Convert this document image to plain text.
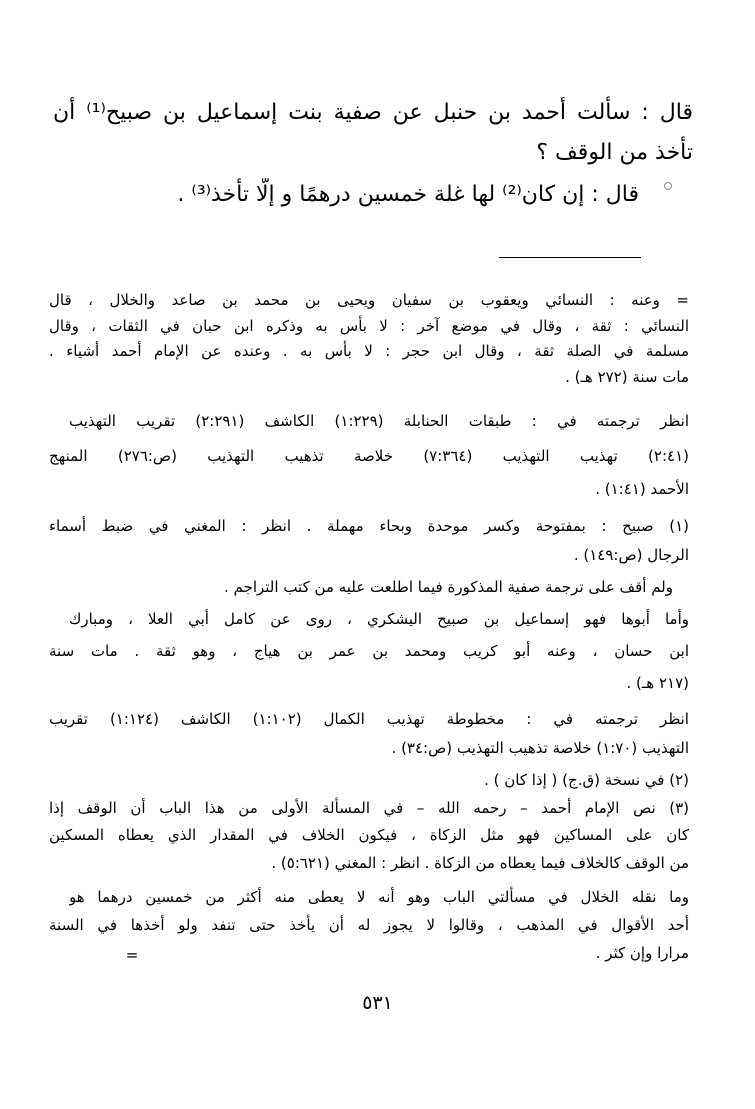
قال : سألت أحمد بن حنبل عن صفية بنت إسماعيل بن صبيح⁽¹⁾ أن
تأخذ من الوقف ؟
قال : إن كان⁽²⁾ لها غلة خمسين درهمًا و إلّا تأخذ⁽³⁾ .
= وعنه : النسائي ويعقوب بن سفيان ويحيى بن محمد بن صاعد والخلال ، قال
النسائي : ثقة ، وقال في موضع آخر : لا بأس به وذكره ابن حبان في الثقات ، وقال
مسلمة في الصلة ثقة ، وقال ابن حجر : لا بأس به . وعنده عن الإمام أحمد أشياء .
مات سنة (٢٧٢ هـ) .
انظر ترجمته في : طبقات الحنابلة (١:٢٢٩) الكاشف (٢:٢٩١) تقريب التهذيب
(٢:٤١) تهذيب التهذيب (٧:٣٦٤) خلاصة تذهيب التهذيب (ص:٢٧٦) المنهج
الأحمد (١:٤١) .
(١) صبيح : بمفتوحة وكسر موحدة وبحاء مهملة . انظر : المغني في ضبط أسماء
الرجال (ص:١٤٩) .
ولم أقف على ترجمة صفية المذكورة فيما اطلعت عليه من كتب التراجم .
وأما أبوها فهو إسماعيل بن صبيح اليشكري ، روى عن كامل أبي العلا ، ومبارك
ابن حسان ، وعنه أبو كريب ومحمد بن عمر بن هياج ، وهو ثقة . مات سنة
(٢١٧ هـ) .
انظر ترجمته في : مخطوطة تهذيب الكمال (١:١٠٢) الكاشف (١:١٢٤) تقريب
التهذيب (١:٧٠) خلاصة تذهيب التهذيب (ص:٣٤) .
(٢) في نسخة (ق.ج) ( إذا كان ) .
(٣) نص الإمام أحمد – رحمه الله – في المسألة الأولى من هذا الباب أن الوقف إذا
كان على المساكين فهو مثل الزكاة ، فيكون الخلاف في المقدار الذي يعطاه المسكين
من الوقف كالخلاف فيما يعطاه من الزكاة . انظر : المغني (٥:٦٢١) .
وما نقله الخلال في مسألتي الباب وهو أنه لا يعطى منه أكثر من خمسين درهما هو
أحد الأقوال في المذهب ، وقالوا لا يجوز له أن يأخذ حتى تنفد ولو أخذها في السنة
مرارا وإن كثر .
=
٥٣١
